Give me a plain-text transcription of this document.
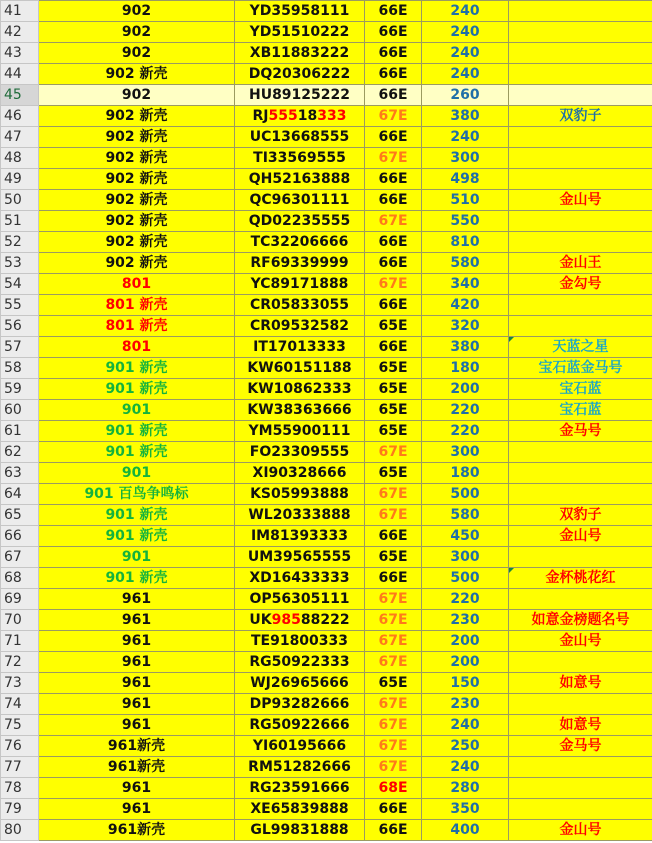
41	902	YD35958111	66E	240	
42	902	YD51510222	66E	240	
43	902	XB11883222	66E	240	
44	902 新壳	DQ20306222	66E	240	
45	902	HU89125222	66E	260	
46	902 新壳	RJ55518333	67E	380	双豹子
47	902 新壳	UC13668555	66E	240	
48	902 新壳	TI33569555	67E	300	
49	902 新壳	QH52163888	66E	498	
50	902 新壳	QC96301111	66E	510	金山号
51	902 新壳	QD02235555	67E	550	
52	902 新壳	TC32206666	66E	810	
53	902 新壳	RF69339999	66E	580	金山王
54	801	YC89171888	67E	340	金勾号
55	801 新壳	CR05833055	66E	420	
56	801 新壳	CR09532582	65E	320	
57	801	IT17013333	66E	380	天蓝之星
58	901 新壳	KW60151188	65E	180	宝石蓝金马号
59	901 新壳	KW10862333	65E	200	宝石蓝
60	901	KW38363666	65E	220	宝石蓝
61	901 新壳	YM55900111	65E	220	金马号
62	901 新壳	FO23309555	67E	300	
63	901	XI90328666	65E	180	
64	901 百鸟争鸣标	KS05993888	67E	500	
65	901 新壳	WL20333888	67E	580	双豹子
66	901 新壳	IM81393333	66E	450	金山号
67	901	UM39565555	65E	300	
68	901 新壳	XD16433333	66E	500	金杯桃花红
69	961	OP56305111	67E	220	
70	961	UK98588222	67E	230	如意金榜题名号
71	961	TE91800333	67E	200	金山号
72	961	RG50922333	67E	200	
73	961	WJ26965666	65E	150	如意号
74	961	DP93282666	67E	230	
75	961	RG50922666	67E	240	如意号
76	961新壳	YI60195666	67E	250	金马号
77	961新壳	RM51282666	67E	240	
78	961	RG23591666	68E	280	
79	961	XE65839888	66E	350	
80	961新壳	GL99831888	66E	400	金山号
